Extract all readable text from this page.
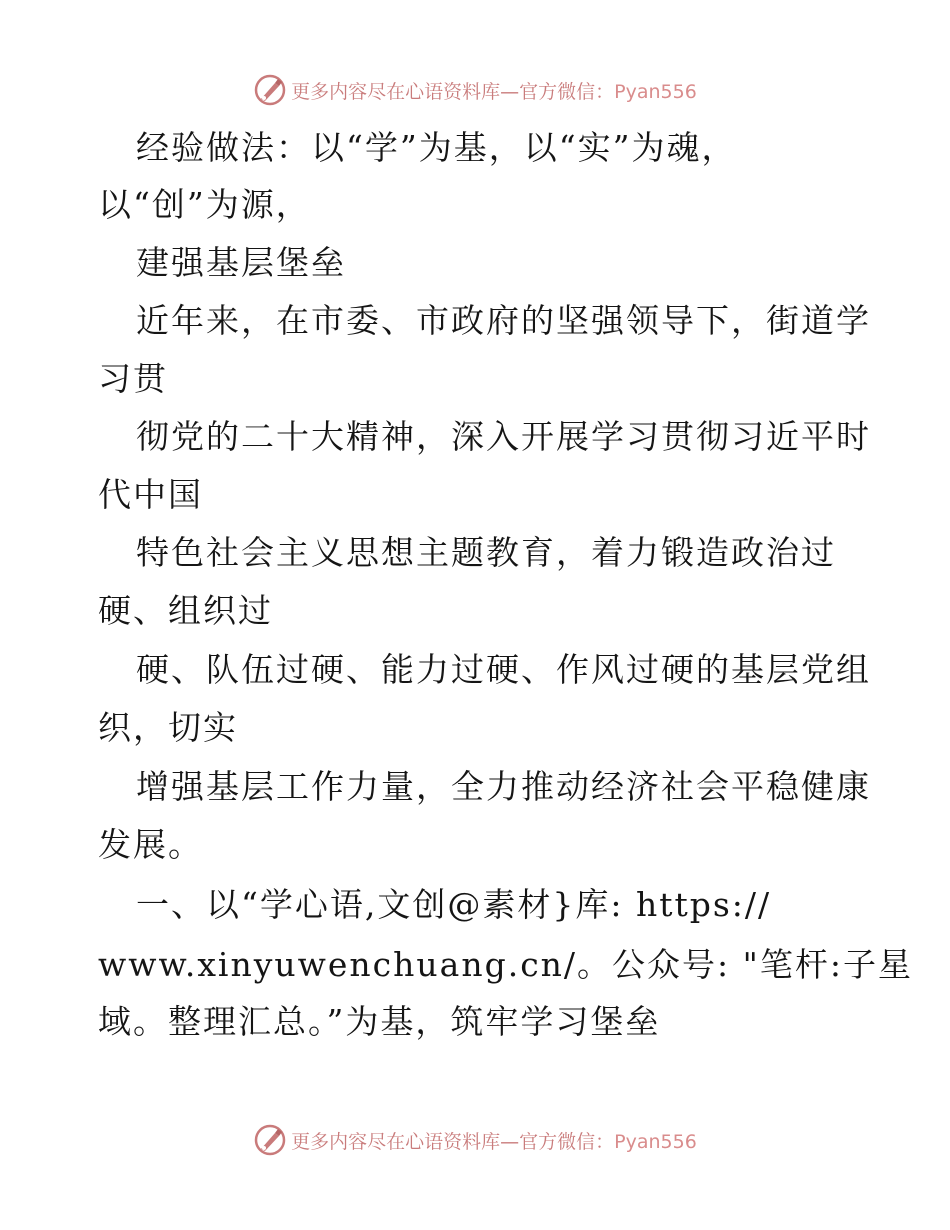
更多内容尽在心语资料库—官方微信：Pyan556
经验做法：以“学”为基，以“实”为魂，
以“创”为源，
建强基层堡垒
近年来，在市委、市政府的坚强领导下，街道学
习贯
彻党的二十大精神，深入开展学习贯彻习近平时
代中国
特色社会主义思想主题教育，着力锻造政治过
硬、组织过
硬、队伍过硬、能力过硬、作风过硬的基层党组
织，切实
增强基层工作力量，全力推动经济社会平稳健康
发展。
一、以“学心语,文创@素材}库: https://
www.xinyuwenchuang.cn/。公众号: "笔杆:子星
域。整理汇总。”为基，筑牢学习堡垒
更多内容尽在心语资料库—官方微信：Pyan556
